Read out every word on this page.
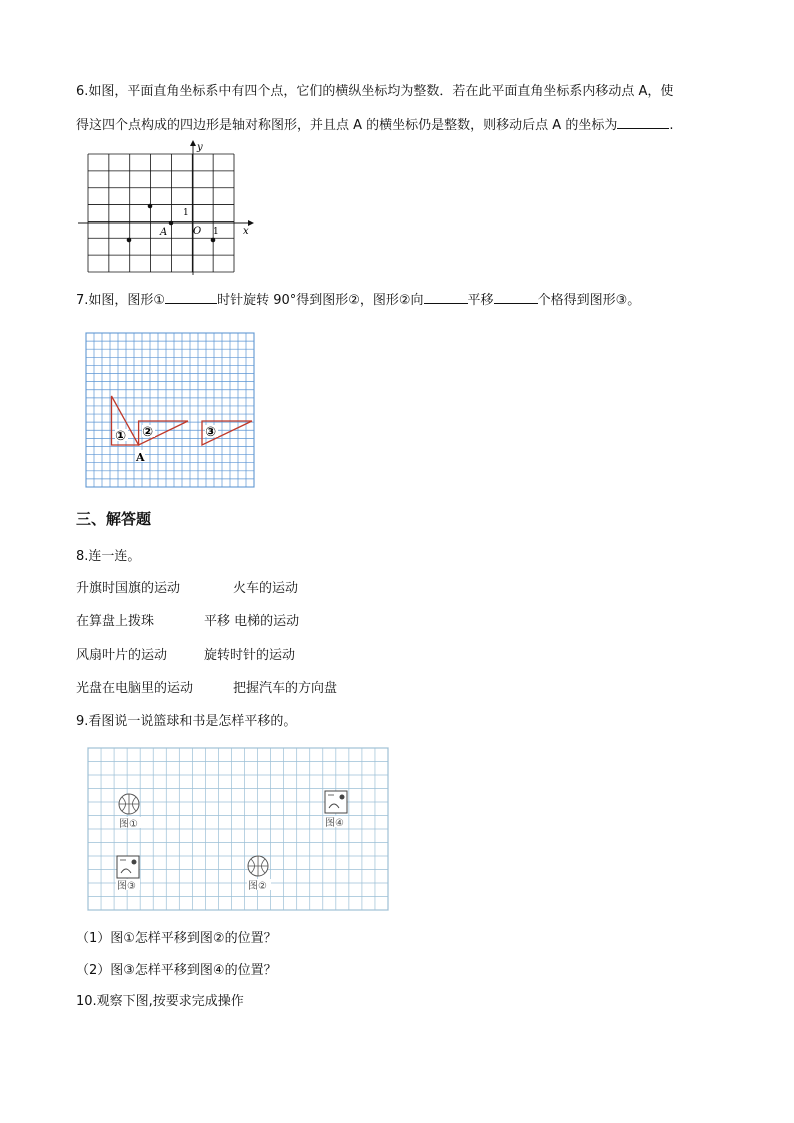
6.如图，平面直角坐标系中有四个点，它们的横纵坐标均为整数．若在此平面直角坐标系内移动点 A，使
得这四个点构成的四边形是轴对称图形，并且点 A 的横坐标仍是整数，则移动后点 A 的坐标为	.
y
x
O
1
1
A
7.如图，图形①	时针旋转 90°得到图形②，图形②向	平移	个格得到图形③。
① ②	③
A
三、解答题
8.连一连。
升旗时国旗的运动	火车的运动
在算盘上拨珠	平移 电梯的运动
风扇叶片的运动	旋转时针的运动
光盘在电脑里的运动	把握汽车的方向盘
9.看图说一说篮球和书是怎样平移的。
图①
图②
图③
图④
（1）图①怎样平移到图②的位置？
（2）图③怎样平移到图④的位置？
10.观察下图,按要求完成操作
